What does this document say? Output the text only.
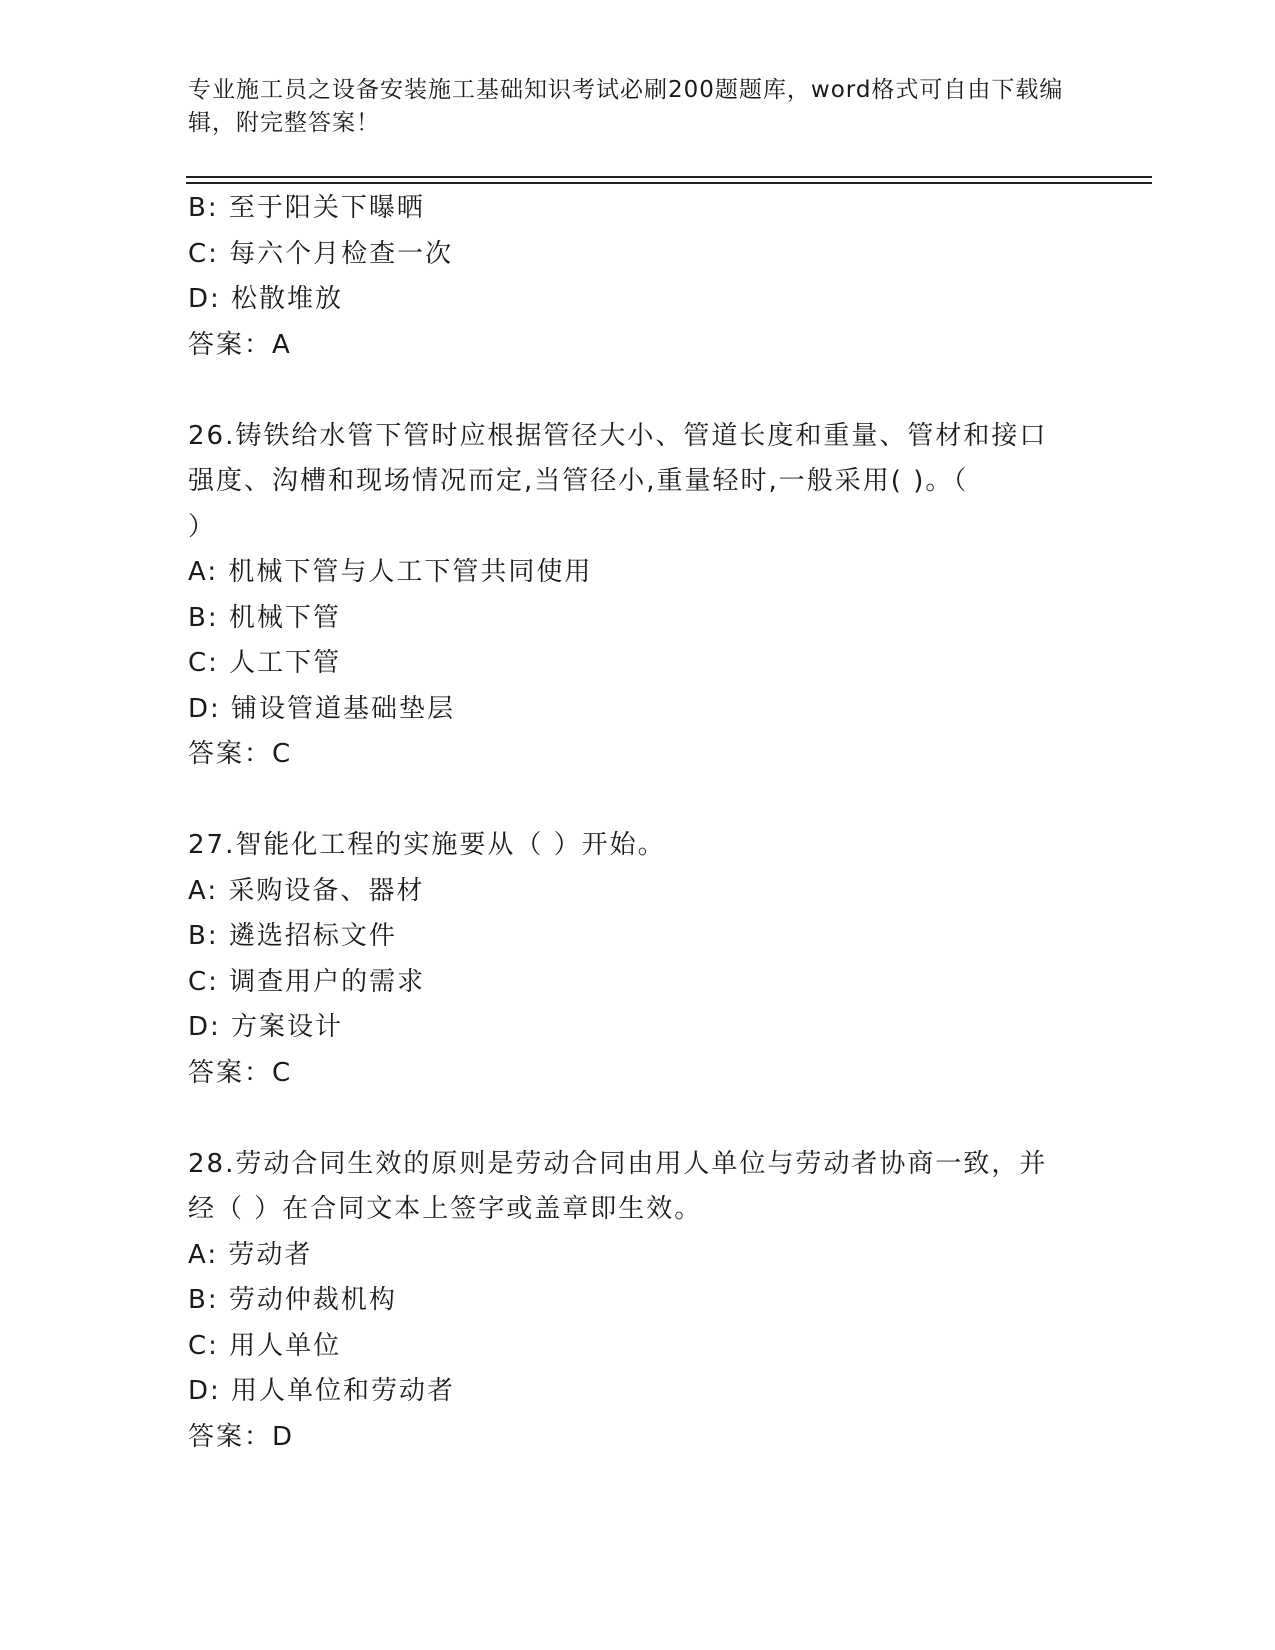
专业施工员之设备安装施工基础知识考试必刷200题题库，word格式可自由下载编辑，附完整答案！
B: 至于阳关下曝晒
C: 每六个月检查一次
D: 松散堆放
答案：A
26.铸铁给水管下管时应根据管径大小、管道长度和重量、管材和接口
强度、沟槽和现场情况而定,当管径小,重量轻时,一般采用( )。（
）
A: 机械下管与人工下管共同使用
B: 机械下管
C: 人工下管
D: 铺设管道基础垫层
答案：C
27.智能化工程的实施要从（ ）开始。
A: 采购设备、器材
B: 遴选招标文件
C: 调查用户的需求
D: 方案设计
答案：C
28.劳动合同生效的原则是劳动合同由用人单位与劳动者协商一致，并
经（ ）在合同文本上签字或盖章即生效。
A: 劳动者
B: 劳动仲裁机构
C: 用人单位
D: 用人单位和劳动者
答案：D
